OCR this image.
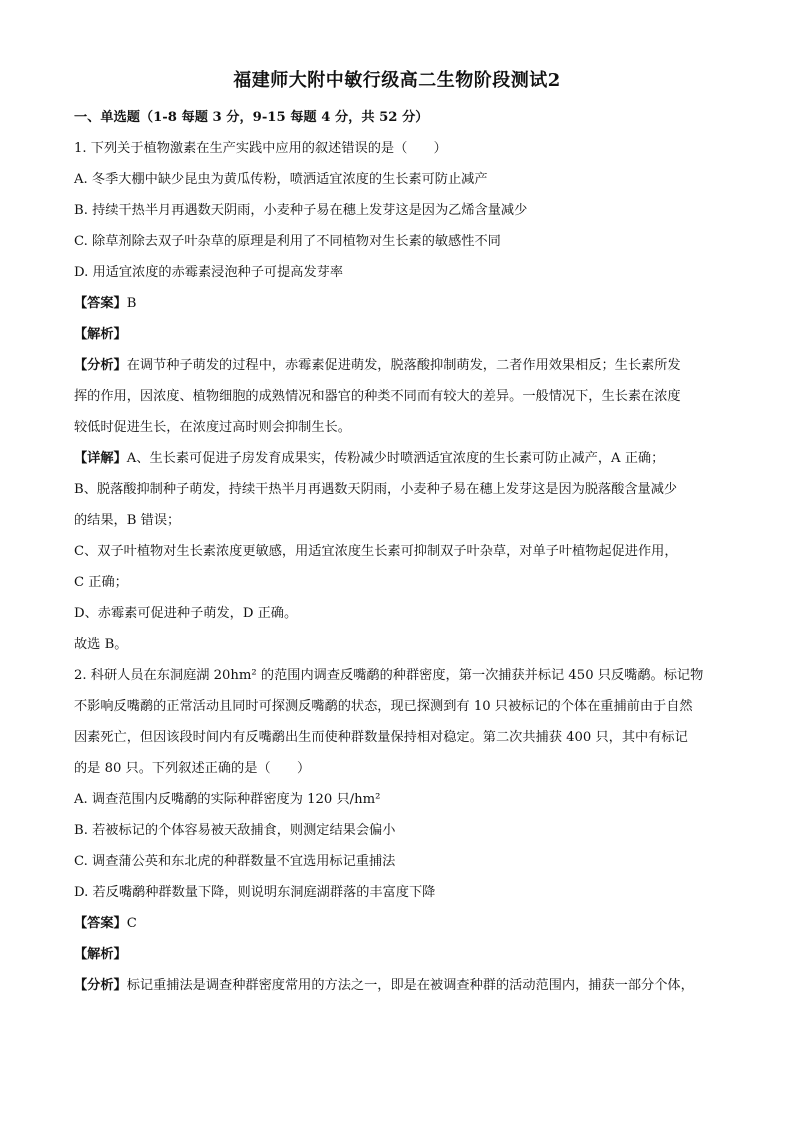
福建师大附中敏行级高二生物阶段测试2
一、单选题（1-8 每题 3 分，9-15 每题 4 分，共 52 分）
1. 下列关于植物激素在生产实践中应用的叙述错误的是（　　）
A. 冬季大棚中缺少昆虫为黄瓜传粉，喷洒适宜浓度的生长素可防止减产
B. 持续干热半月再遇数天阴雨，小麦种子易在穗上发芽这是因为乙烯含量减少
C. 除草剂除去双子叶杂草的原理是利用了不同植物对生长素的敏感性不同
D. 用适宜浓度的赤霉素浸泡种子可提高发芽率
【答案】B
【解析】
【分析】在调节种子萌发的过程中，赤霉素促进萌发，脱落酸抑制萌发，二者作用效果相反；生长素所发
挥的作用，因浓度、植物细胞的成熟情况和器官的种类不同而有较大的差异。一般情况下，生长素在浓度
较低时促进生长，在浓度过高时则会抑制生长。
【详解】A、生长素可促进子房发育成果实，传粉减少时喷洒适宜浓度的生长素可防止减产，A 正确；
B、脱落酸抑制种子萌发，持续干热半月再遇数天阴雨，小麦种子易在穗上发芽这是因为脱落酸含量减少
的结果，B 错误；
C、双子叶植物对生长素浓度更敏感，用适宜浓度生长素可抑制双子叶杂草，对单子叶植物起促进作用，
C 正确；
D、赤霉素可促进种子萌发，D 正确。
故选 B。
2. 科研人员在东洞庭湖 20hm² 的范围内调查反嘴鹬的种群密度，第一次捕获并标记 450 只反嘴鹬。标记物
不影响反嘴鹬的正常活动且同时可探测反嘴鹬的状态，现已探测到有 10 只被标记的个体在重捕前由于自然
因素死亡，但因该段时间内有反嘴鹬出生而使种群数量保持相对稳定。第二次共捕获 400 只，其中有标记
的是 80 只。下列叙述正确的是（　　）
A. 调查范围内反嘴鹬的实际种群密度为 120 只/hm²
B. 若被标记的个体容易被天敌捕食，则测定结果会偏小
C. 调查蒲公英和东北虎的种群数量不宜选用标记重捕法
D. 若反嘴鹬种群数量下降，则说明东洞庭湖群落的丰富度下降
【答案】C
【解析】
【分析】标记重捕法是调查种群密度常用的方法之一，即是在被调查种群的活动范围内，捕获一部分个体，
